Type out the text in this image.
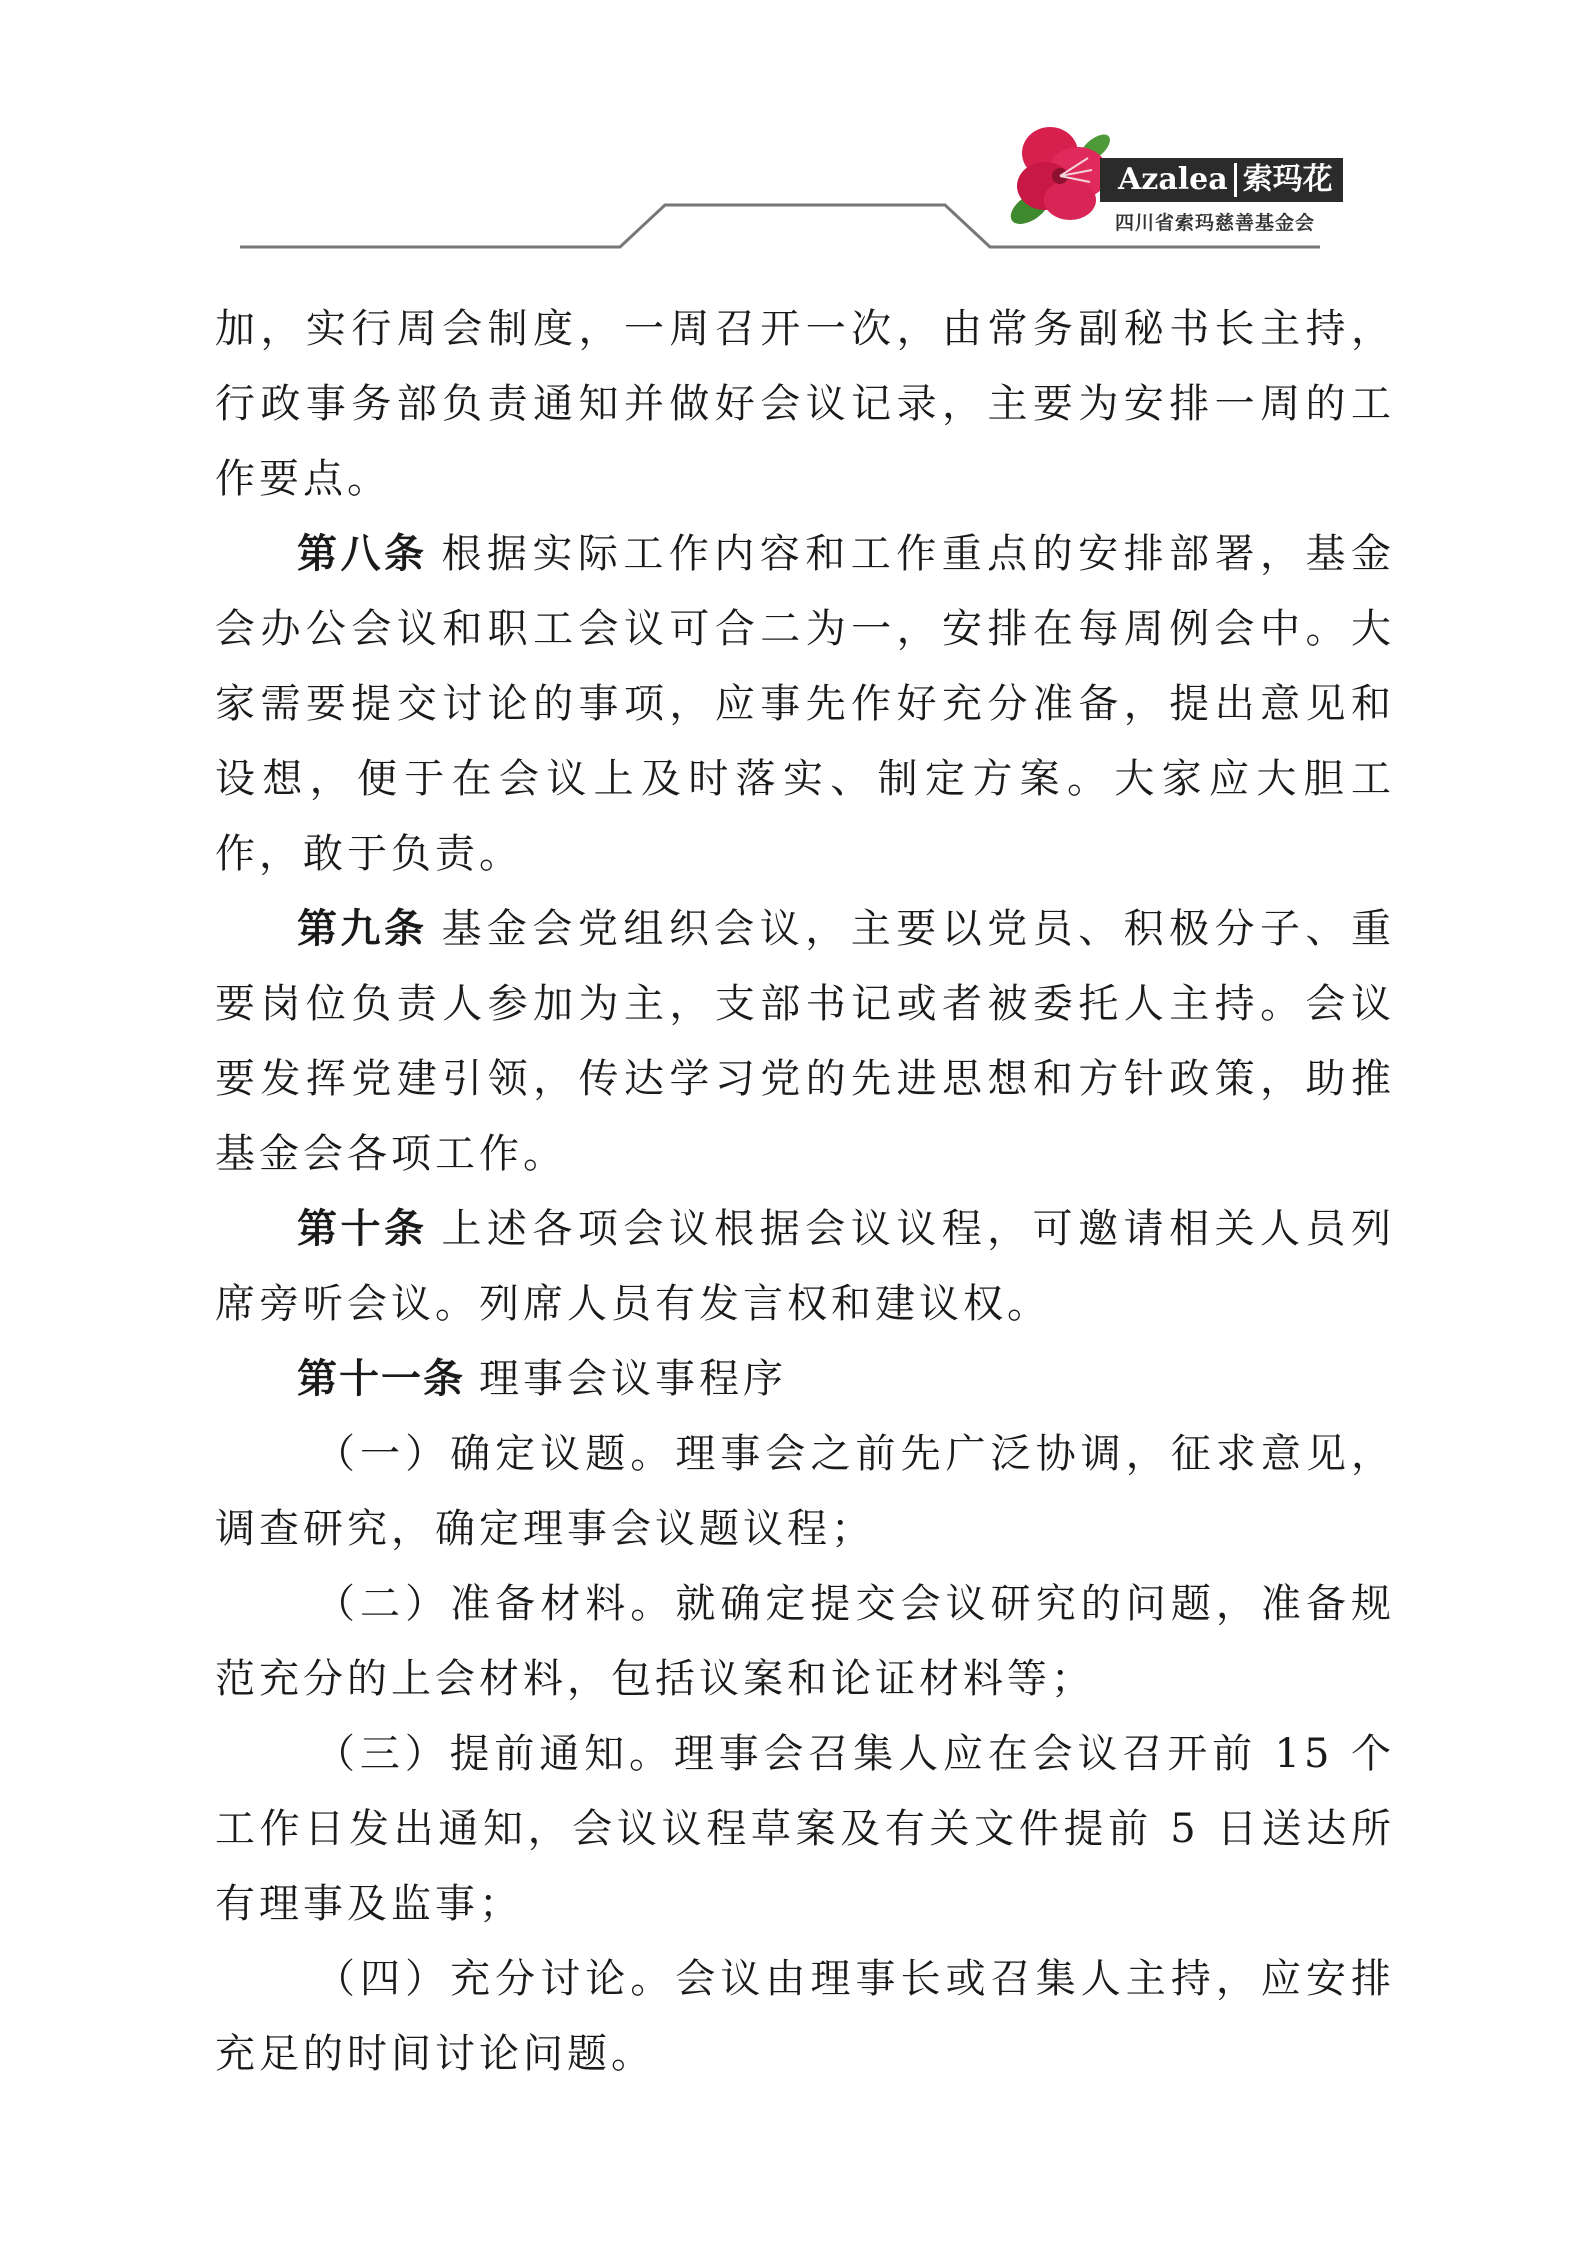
Azalea 索玛花
四川省索玛慈善基金会

加，实行周会制度，一周召开一次，由常务副秘书长主持，行政事务部负责通知并做好会议记录，主要为安排一周的工作要点。

第八条 根据实际工作内容和工作重点的安排部署，基金会办公会议和职工会议可合二为一，安排在每周例会中。大家需要提交讨论的事项，应事先作好充分准备，提出意见和设想，便于在会议上及时落实、制定方案。大家应大胆工作，敢于负责。

第九条 基金会党组织会议，主要以党员、积极分子、重要岗位负责人参加为主，支部书记或者被委托人主持。会议要发挥党建引领，传达学习党的先进思想和方针政策，助推基金会各项工作。

第十条 上述各项会议根据会议议程，可邀请相关人员列席旁听会议。列席人员有发言权和建议权。

第十一条 理事会议事程序

（一）确定议题。理事会之前先广泛协调，征求意见，调查研究，确定理事会议题议程；

（二）准备材料。就确定提交会议研究的问题，准备规范充分的上会材料，包括议案和论证材料等；

（三）提前通知。理事会召集人应在会议召开前 15 个工作日发出通知，会议议程草案及有关文件提前 5 日送达所有理事及监事；

（四）充分讨论。会议由理事长或召集人主持，应安排充足的时间讨论问题。
